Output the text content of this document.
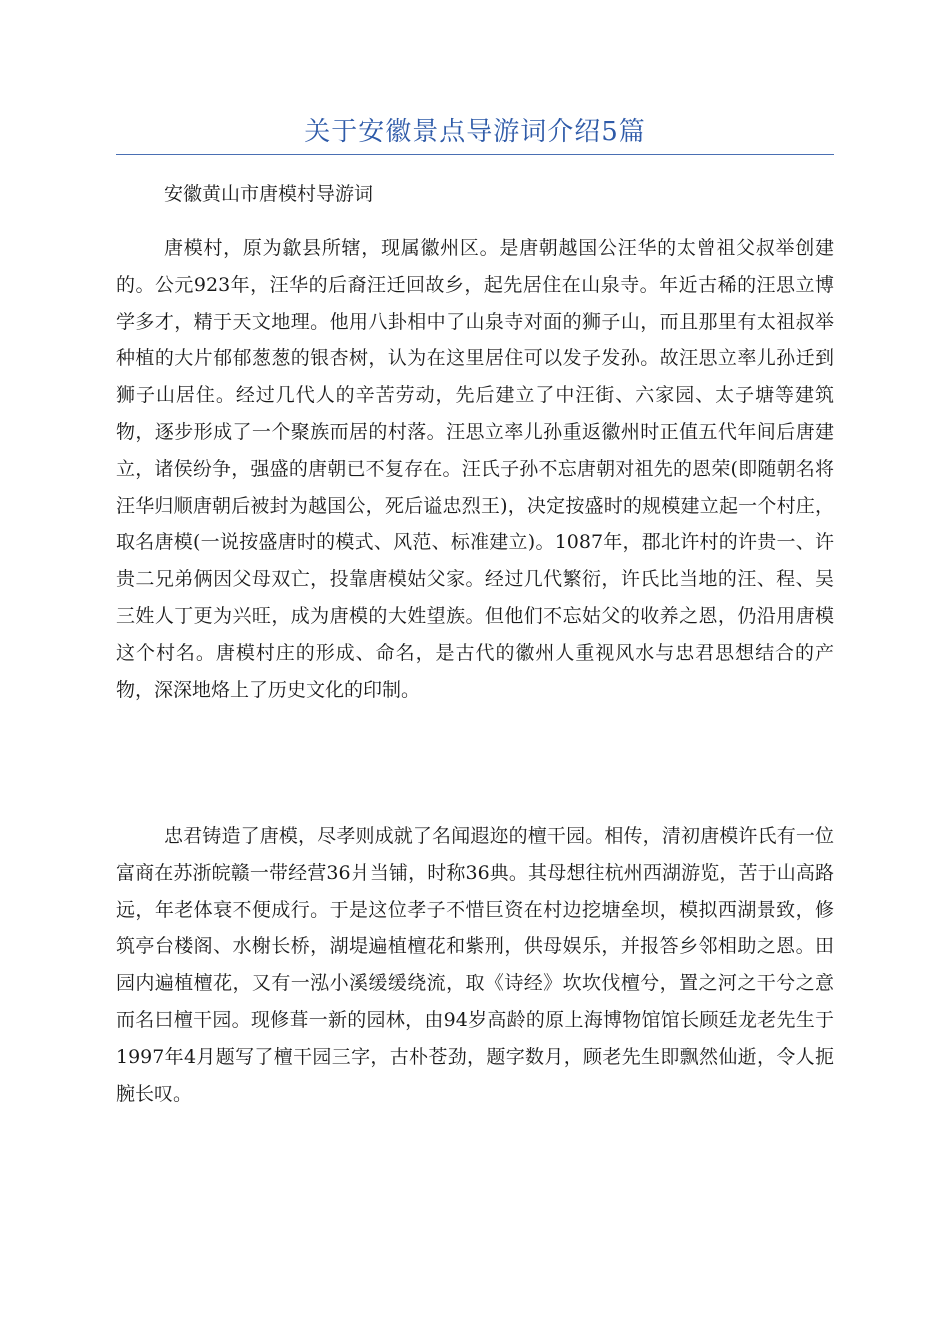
关于安徽景点导游词介绍5篇
安徽黄山市唐模村导游词

唐模村，原为歙县所辖，现属徽州区。是唐朝越国公汪华的太曾祖父叔举创建的。公元923年，汪华的后裔汪迁回故乡，起先居住在山泉寺。年近古稀的汪思立博学多才，精于天文地理。他用八卦相中了山泉寺对面的狮子山，而且那里有太祖叔举种植的大片郁郁葱葱的银杏树，认为在这里居住可以发子发孙。故汪思立率儿孙迁到狮子山居住。经过几代人的辛苦劳动，先后建立了中汪街、六家园、太子塘等建筑物，逐步形成了一个聚族而居的村落。汪思立率儿孙重返徽州时正值五代年间后唐建立，诸侯纷争，强盛的唐朝已不复存在。汪氏子孙不忘唐朝对祖先的恩荣(即随朝名将汪华归顺唐朝后被封为越国公，死后谥忠烈王)，决定按盛时的规模建立起一个村庄，取名唐模(一说按盛唐时的模式、风范、标准建立)。1087年，郡北许村的许贵一、许贵二兄弟俩因父母双亡，投靠唐模姑父家。经过几代繁衍，许氏比当地的汪、程、吴三姓人丁更为兴旺，成为唐模的大姓望族。但他们不忘姑父的收养之恩，仍沿用唐模这个村名。唐模村庄的形成、命名，是古代的徽州人重视风水与忠君思想结合的产物，深深地烙上了历史文化的印制。

忠君铸造了唐模，尽孝则成就了名闻遐迩的檀干园。相传，清初唐模许氏有一位富商在苏浙皖赣一带经营36爿当铺，时称36典。其母想往杭州西湖游览，苦于山高路远，年老体衰不便成行。于是这位孝子不惜巨资在村边挖塘垒坝，模拟西湖景致，修筑亭台楼阁、水榭长桥，湖堤遍植檀花和紫刑，供母娱乐，并报答乡邻相助之恩。田园内遍植檀花，又有一泓小溪缓缓绕流，取《诗经》坎坎伐檀兮，置之河之干兮之意而名曰檀干园。现修葺一新的园林，由94岁高龄的原上海博物馆馆长顾廷龙老先生于1997年4月题写了檀干园三字，古朴苍劲，题字数月，顾老先生即飘然仙逝，令人扼腕长叹。
